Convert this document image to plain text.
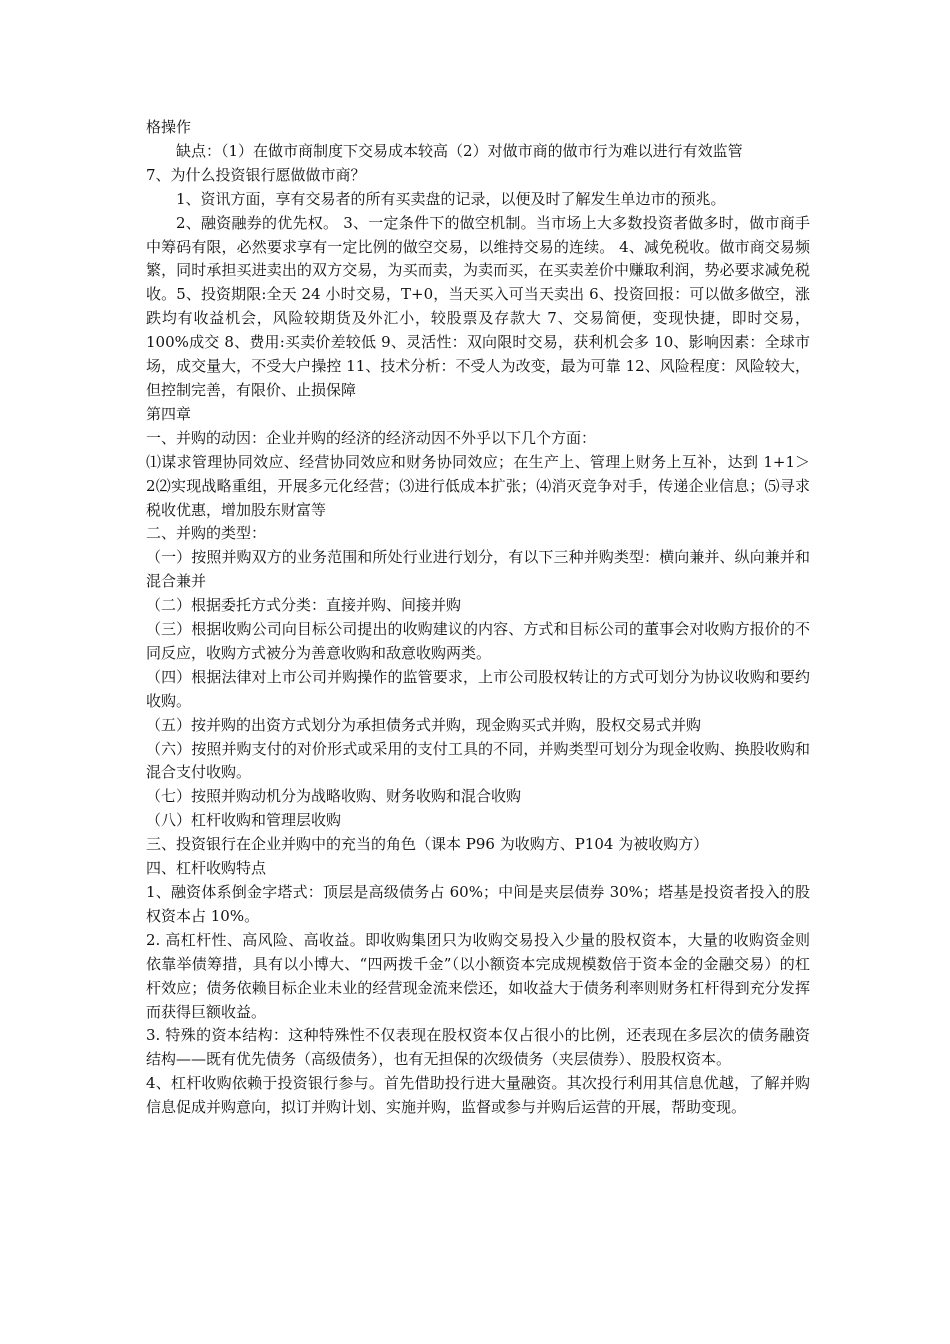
格操作

缺点：（1）在做市商制度下交易成本较高（2）对做市商的做市行为难以进行有效监管

7、为什么投资银行愿做做市商？

1、资讯方面，享有交易者的所有买卖盘的记录，以便及时了解发生单边市的预兆。

2、融资融券的优先权。 3、一定条件下的做空机制。当市场上大多数投资者做多时，做市商手中筹码有限，必然要求享有一定比例的做空交易，以维持交易的连续。 4、减免税收。做市商交易频繁，同时承担买进卖出的双方交易，为买而卖，为卖而买，在买卖差价中赚取利润，势必要求减免税收。5、投资期限:全天 24 小时交易，T+0，当天买入可当天卖出 6、投资回报：可以做多做空，涨跌均有收益机会，风险较期货及外汇小，较股票及存款大 7、交易简便，变现快捷，即时交易，100%成交 8、费用:买卖价差较低 9、灵活性：双向限时交易，获利机会多 10、影响因素：全球市场，成交量大，不受大户操控 11、技术分析：不受人为改变，最为可靠 12、风险程度：风险较大，但控制完善，有限价、止损保障

第四章

一、并购的动因：企业并购的经济的经济动因不外乎以下几个方面：

⑴谋求管理协同效应、经营协同效应和财务协同效应；在生产上、管理上财务上互补，达到 1+1＞2⑵实现战略重组，开展多元化经营；⑶进行低成本扩张；⑷消灭竞争对手，传递企业信息；⑸寻求税收优惠，增加股东财富等

二、并购的类型：

（一）按照并购双方的业务范围和所处行业进行划分，有以下三种并购类型：横向兼并、纵向兼并和混合兼并

（二）根据委托方式分类：直接并购、间接并购

（三）根据收购公司向目标公司提出的收购建议的内容、方式和目标公司的董事会对收购方报价的不同反应，收购方式被分为善意收购和敌意收购两类。

（四）根据法律对上市公司并购操作的监管要求，上市公司股权转让的方式可划分为协议收购和要约收购。

（五）按并购的出资方式划分为承担债务式并购，现金购买式并购，股权交易式并购

（六）按照并购支付的对价形式或采用的支付工具的不同，并购类型可划分为现金收购、换股收购和混合支付收购。

（七）按照并购动机分为战略收购、财务收购和混合收购

（八）杠杆收购和管理层收购

三、投资银行在企业并购中的充当的角色（课本 P96 为收购方、P104 为被收购方）

四、杠杆收购特点

1、融资体系倒金字塔式：顶层是高级债务占 60%；中间是夹层债券 30%；塔基是投资者投入的股权资本占 10%。

2. 高杠杆性、高风险、高收益。即收购集团只为收购交易投入少量的股权资本，大量的收购资金则依靠举债筹措，具有以小博大、“四两拨千金”（以小额资本完成规模数倍于资本金的金融交易）的杠杆效应；债务依赖目标企业未业的经营现金流来偿还，如收益大于债务利率则财务杠杆得到充分发挥而获得巨额收益。

3. 特殊的资本结构：这种特殊性不仅表现在股权资本仅占很小的比例，还表现在多层次的债务融资结构——既有优先债务（高级债务），也有无担保的次级债务（夹层债券）、股股权资本。

4、杠杆收购依赖于投资银行参与。首先借助投行进大量融资。其次投行利用其信息优越，了解并购信息促成并购意向，拟订并购计划、实施并购，监督或参与并购后运营的开展，帮助变现。
